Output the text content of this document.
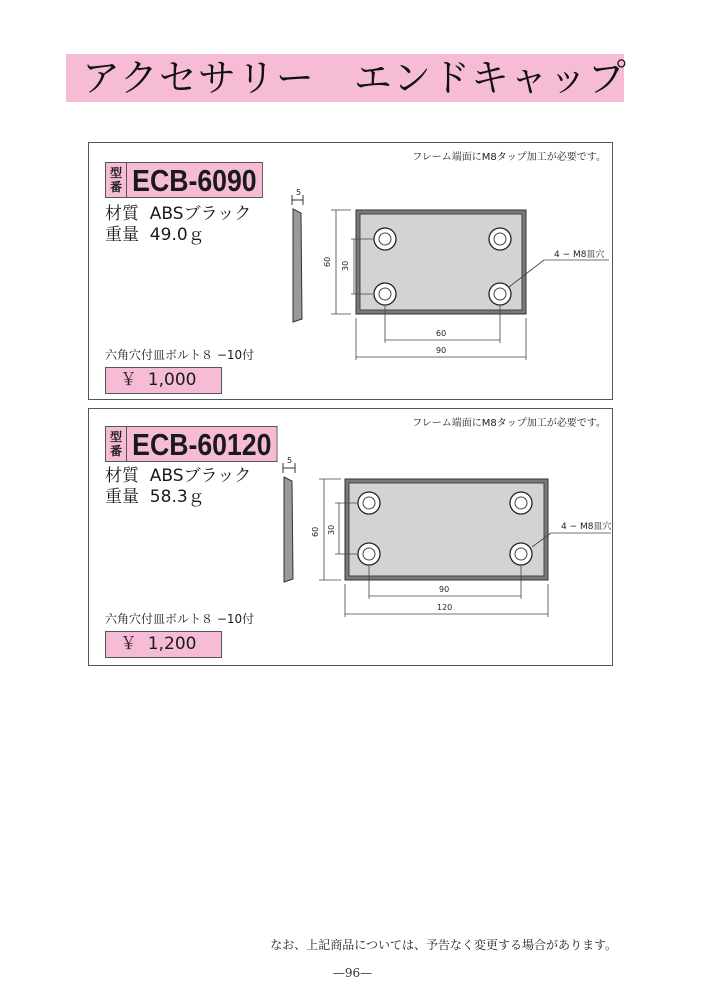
アクセサリー　エンドキャップ
フレーム端面にM8タップ加工が必要です。
型
番 ECB-6090
材質  ABSブラック
重量  49.0ｇ
六角穴付皿ボルト８ −10付
￥  1,000
5
60 30
60
90
4 − M8皿穴
フレーム端面にM8タップ加工が必要です。
型
番 ECB-60120
材質  ABSブラック
重量  58.3ｇ
六角穴付皿ボルト８ −10付
￥  1,200
5
60 30
90
120
4 − M8皿穴
なお、上記商品については、予告なく変更する場合があります。
—96—
